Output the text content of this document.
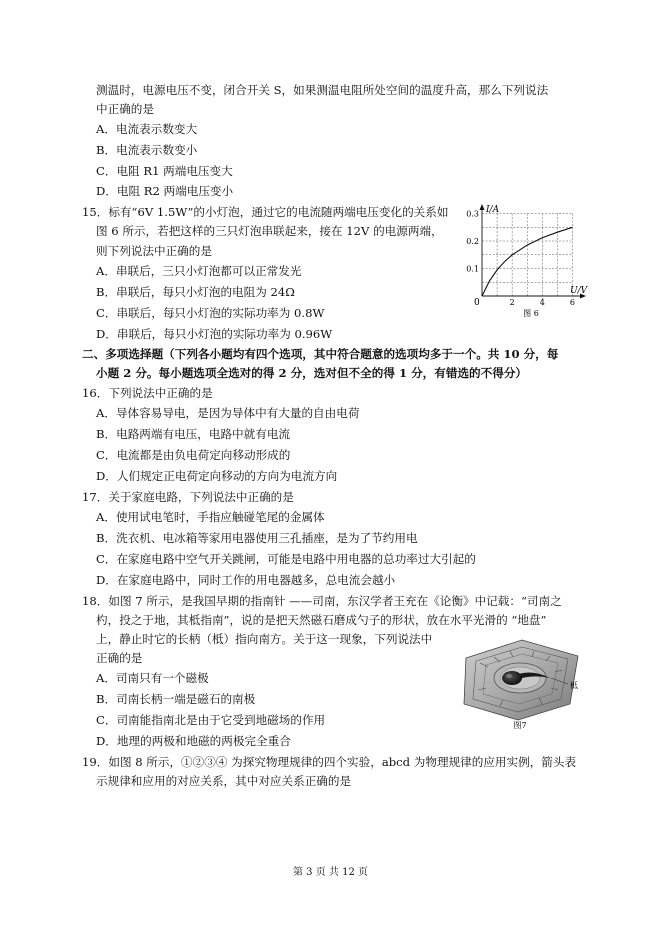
测温时，电源电压不变，闭合开关 S，如果测温电阻所处空间的温度升高，那么下列说法
中正确的是
A．电流表示数变大
B．电流表示数变小
C．电阻 R1 两端电压变大
D．电阻 R2 两端电压变小
15．标有“6V 1.5W”的小灯泡，通过它的电流随两端电压变化的关系如
图 6 所示，若把这样的三只灯泡串联起来，接在 12V 的电源两端，
则下列说法中正确的是
A．串联后，三只小灯泡都可以正常发光
B．串联后，每只小灯泡的电阻为 24Ω
C．串联后，每只小灯泡的实际功率为 0.8W
D．串联后，每只小灯泡的实际功率为 0.96W
二、多项选择题（下列各小题均有四个选项，其中符合题意的选项均多于一个。共 10 分，每
小题 2 分。每小题选项全选对的得 2 分，选对但不全的得 1 分，有错选的不得分）
16．下列说法中正确的是
A．导体容易导电，是因为导体中有大量的自由电荷
B．电路两端有电压，电路中就有电流
C．电流都是由负电荷定向移动形成的
D．人们规定正电荷定向移动的方向为电流方向
17．关于家庭电路，下列说法中正确的是
A．使用试电笔时，手指应触碰笔尾的金属体
B．洗衣机、电冰箱等家用电器使用三孔插座，是为了节约用电
C．在家庭电路中空气开关跳闸，可能是电路中用电器的总功率过大引起的
D．在家庭电路中，同时工作的用电器越多，总电流会越小
18．如图 7 所示，是我国早期的指南针 ——司南，东汉学者王充在《论衡》中记载：“司南之
杓，投之于地，其柢指南”，说的是把天然磁石磨成勺子的形状，放在水平光滑的 “地盘”
上，静止时它的长柄（柢）指向南方。关于这一现象，下列说法中
正确的是
A．司南只有一个磁极
B．司南长柄一端是磁石的南极
C．司南能指南北是由于它受到地磁场的作用
D．地理的两极和地磁的两极完全重合
19．如图 8 所示，①②③④ 为探究物理规律的四个实验，abcd 为物理规律的应用实例，箭头表
示规律和应用的对应关系，其中对应关系正确的是
2	4	6
0.1
0.2
0.3 I/A
U/V
0
图 6
柢
图7
第 3 页 共 12 页
